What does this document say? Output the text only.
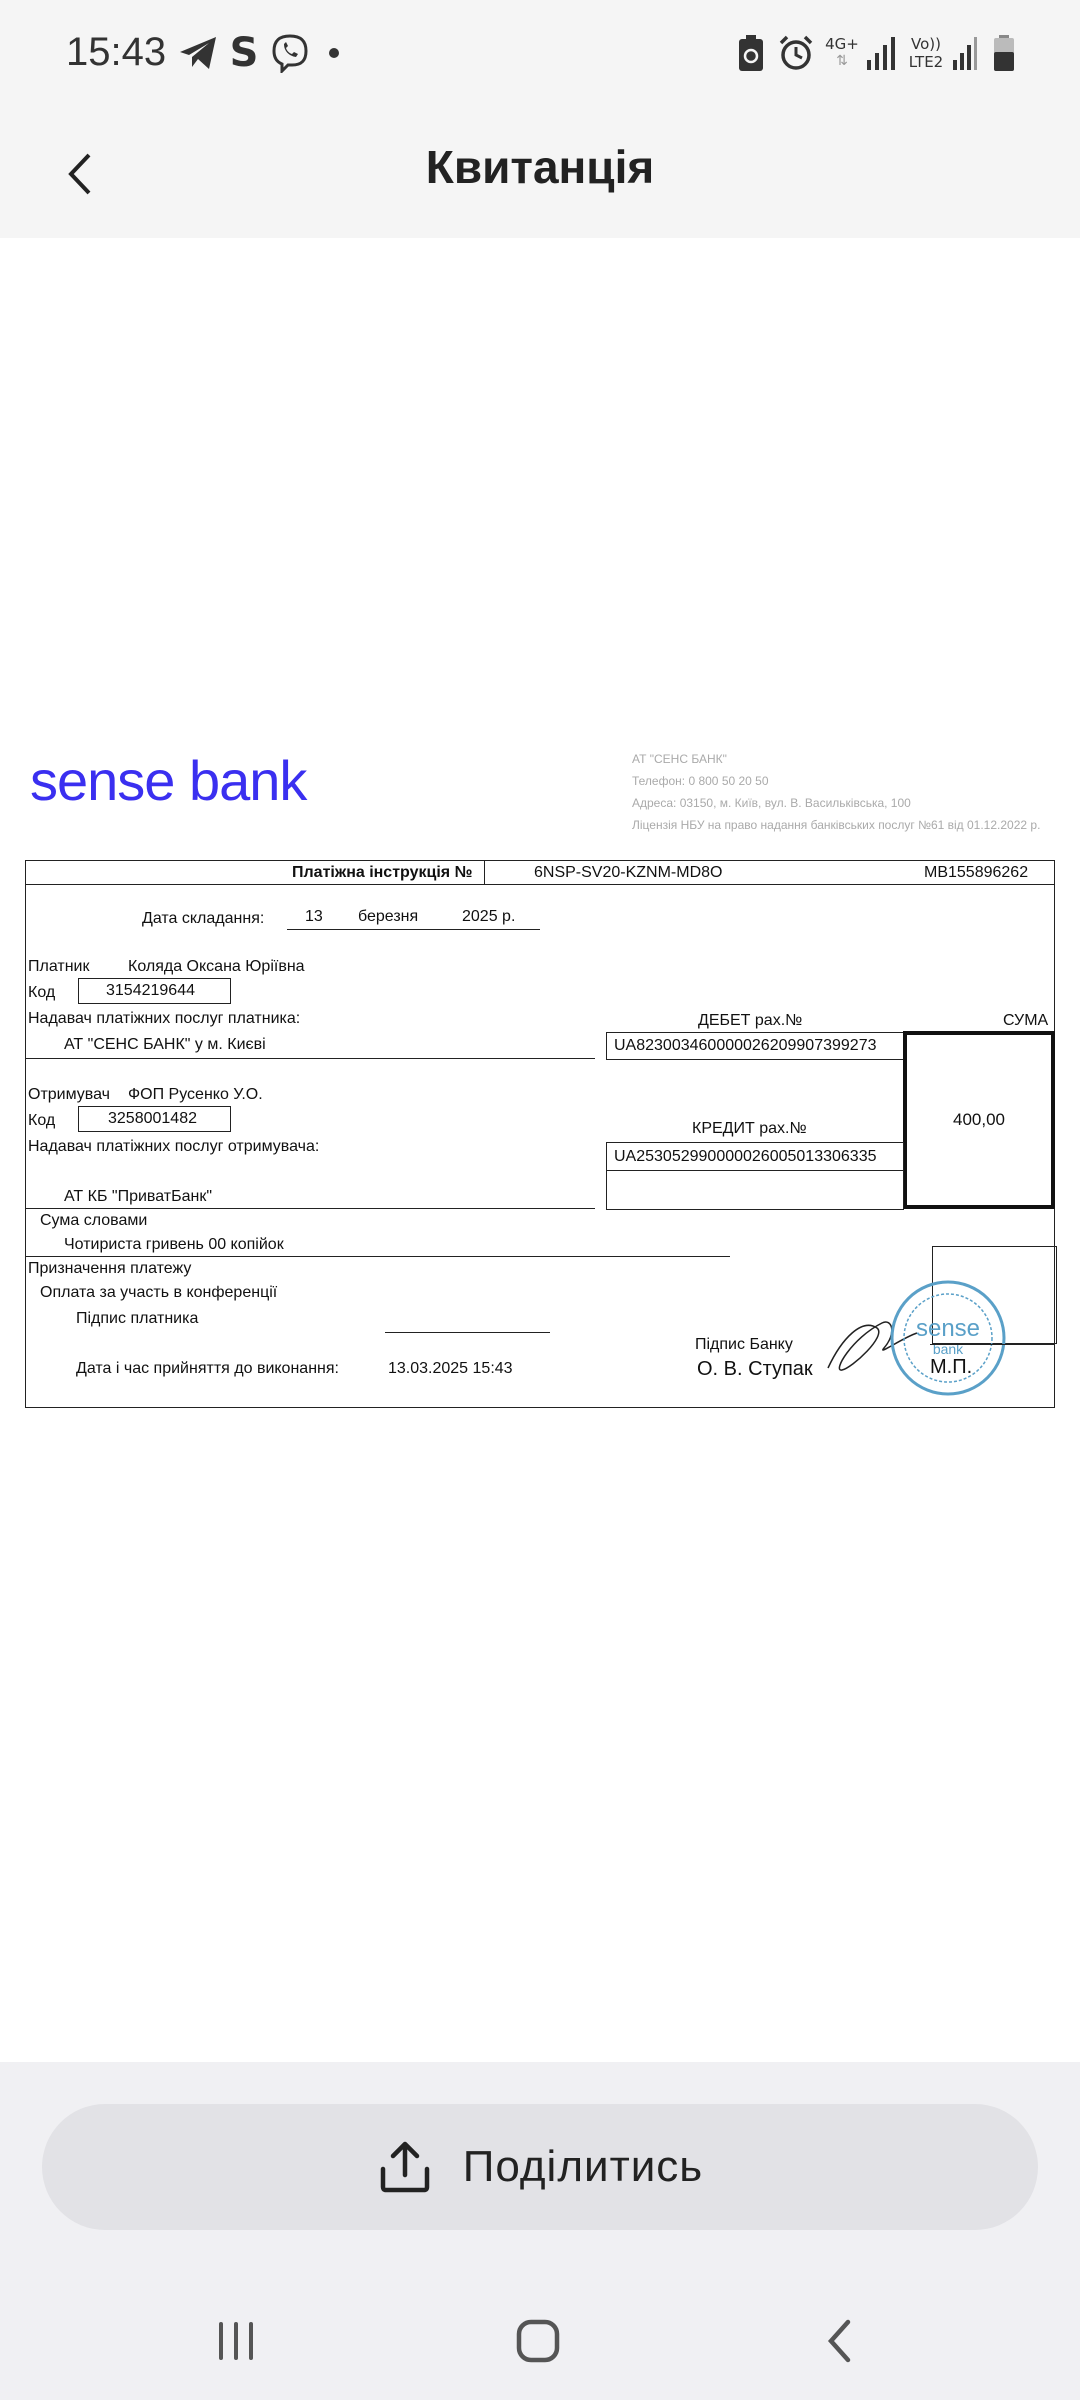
15:43 S	4G+
⇅
Vo))
LTE2
Квитанція
sense bank	АТ "СЕНС БАНК"
Телефон: 0 800 50 20 50
Адреса: 03150, м. Київ, вул. В. Васильківська, 100
Ліцензія НБУ на право надання банківських послуг №61 від 01.12.2022 р.
Платіжна інструкція №	6NSP-SV20-KZNM-MD8O	MB155896262
Дата складання:	13 березня	2025 р.
Платник Коляда Оксана Юріївна
Код	3154219644
Надавач платіжних послуг платника:
АТ "СЕНС БАНК" у м. Києві
ДЕБЕТ рах.№	СУМА
UA823003460000026209907399273
400,00
Отримувач ФОП Русенко У.О.
Код	3258001482
Надавач платіжних послуг отримувача:
КРЕДИТ рах.№
UA253052990000026005013306335
АТ КБ "ПриватБанк"
Сума словами
Чотириста гривень 00 копійок
Призначення платежу
Оплата за участь в конференції
Підпис платника
Дата і час прийняття до виконання:	13.03.2025 15:43
Підпис Банку
О. В. Ступак
sense
bank
М.П.
Поділитись
